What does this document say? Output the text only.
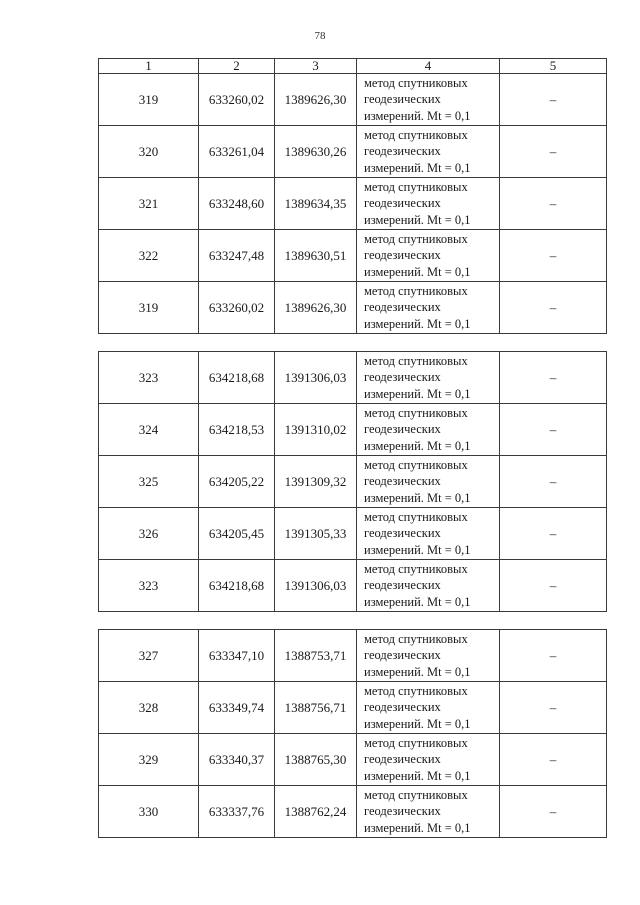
78
1	2	3	4	5
319	633260,02	1389626,30	метод спутниковых
геодезических
измерений. Mt = 0,1	–
320	633261,04	1389630,26	метод спутниковых
геодезических
измерений. Mt = 0,1	–
321	633248,60	1389634,35	метод спутниковых
геодезических
измерений. Mt = 0,1	–
322	633247,48	1389630,51	метод спутниковых
геодезических
измерений. Mt = 0,1	–
319	633260,02	1389626,30	метод спутниковых
геодезических
измерений. Mt = 0,1	–

323	634218,68	1391306,03	метод спутниковых
геодезических
измерений. Mt = 0,1	–
324	634218,53	1391310,02	метод спутниковых
геодезических
измерений. Mt = 0,1	–
325	634205,22	1391309,32	метод спутниковых
геодезических
измерений. Mt = 0,1	–
326	634205,45	1391305,33	метод спутниковых
геодезических
измерений. Mt = 0,1	–
323	634218,68	1391306,03	метод спутниковых
геодезических
измерений. Mt = 0,1	–

327	633347,10	1388753,71	метод спутниковых
геодезических
измерений. Mt = 0,1	–
328	633349,74	1388756,71	метод спутниковых
геодезических
измерений. Mt = 0,1	–
329	633340,37	1388765,30	метод спутниковых
геодезических
измерений. Mt = 0,1	–
330	633337,76	1388762,24	метод спутниковых
геодезических
измерений. Mt = 0,1	–
